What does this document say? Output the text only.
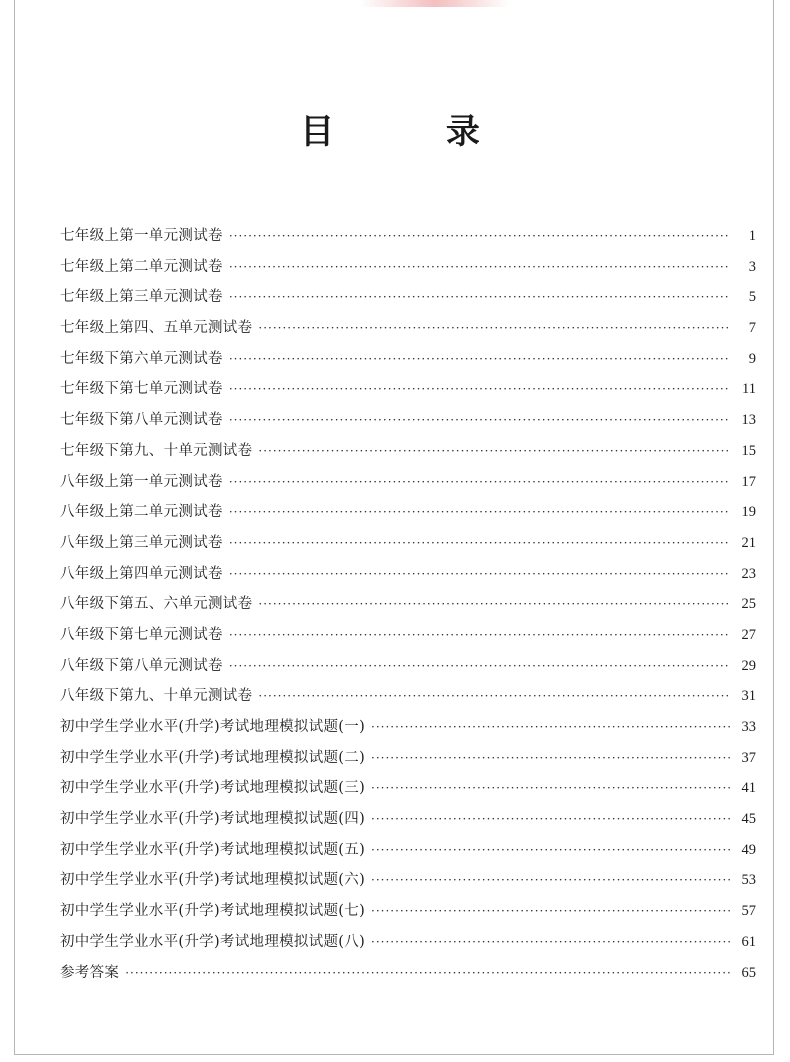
目 录
七年级上第一单元测试卷 ·····	1
七年级上第二单元测试卷 ·····	3
七年级上第三单元测试卷 ·····	5
七年级上第四、五单元测试卷 ·····	7
七年级下第六单元测试卷 ·····	9
七年级下第七单元测试卷 ·····	11
七年级下第八单元测试卷 ·····	13
七年级下第九、十单元测试卷 ·····	15
八年级上第一单元测试卷 ·····	17
八年级上第二单元测试卷 ·····	19
八年级上第三单元测试卷 ·····	21
八年级上第四单元测试卷 ·····	23
八年级下第五、六单元测试卷 ·····	25
八年级下第七单元测试卷 ·····	27
八年级下第八单元测试卷 ·····	29
八年级下第九、十单元测试卷 ·····	31
初中学生学业水平(升学)考试地理模拟试题(一) ·····	33
初中学生学业水平(升学)考试地理模拟试题(二) ·····	37
初中学生学业水平(升学)考试地理模拟试题(三) ·····	41
初中学生学业水平(升学)考试地理模拟试题(四) ·····	45
初中学生学业水平(升学)考试地理模拟试题(五) ·····	49
初中学生学业水平(升学)考试地理模拟试题(六) ·····	53
初中学生学业水平(升学)考试地理模拟试题(七) ·····	57
初中学生学业水平(升学)考试地理模拟试题(八) ·····	61
参考答案 ·····	65
